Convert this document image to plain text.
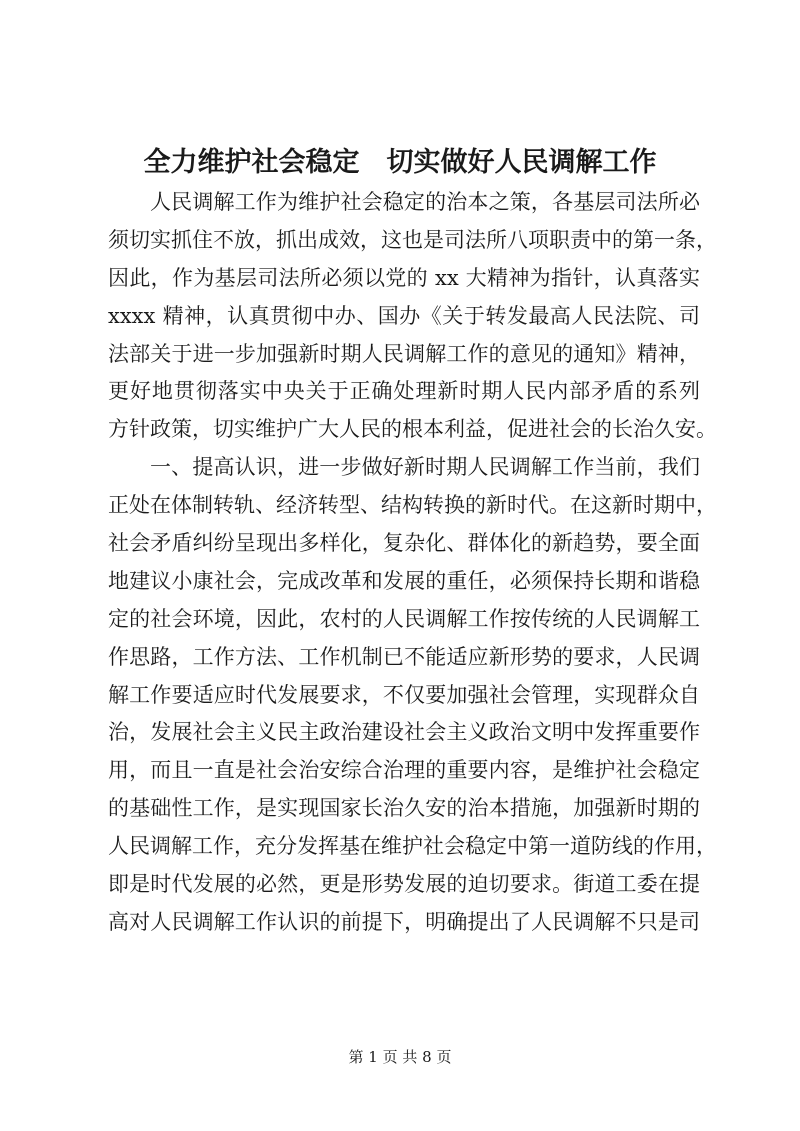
全力维护社会稳定　切实做好人民调解工作
人民调解工作为维护社会稳定的治本之策，各基层司法所必
须切实抓住不放，抓出成效，这也是司法所八项职责中的第一条，
因此，作为基层司法所必须以党的 xx 大精神为指针，认真落实
xxxx 精神，认真贯彻中办、国办《关于转发最高人民法院、司
法部关于进一步加强新时期人民调解工作的意见的通知》精神，
更好地贯彻落实中央关于正确处理新时期人民内部矛盾的系列
方针政策，切实维护广大人民的根本利益，促进社会的长治久安。
一、提高认识，进一步做好新时期人民调解工作当前，我们
正处在体制转轨、经济转型、结构转换的新时代。在这新时期中，
社会矛盾纠纷呈现出多样化，复杂化、群体化的新趋势，要全面
地建议小康社会，完成改革和发展的重任，必须保持长期和谐稳
定的社会环境，因此，农村的人民调解工作按传统的人民调解工
作思路，工作方法、工作机制已不能适应新形势的要求，人民调
解工作要适应时代发展要求，不仅要加强社会管理，实现群众自
治，发展社会主义民主政治建设社会主义政治文明中发挥重要作
用，而且一直是社会治安综合治理的重要内容，是维护社会稳定
的基础性工作，是实现国家长治久安的治本措施，加强新时期的
人民调解工作，充分发挥基在维护社会稳定中第一道防线的作用，
即是时代发展的必然，更是形势发展的迫切要求。街道工委在提
高对人民调解工作认识的前提下，明确提出了人民调解不只是司
第 1 页 共 8 页
